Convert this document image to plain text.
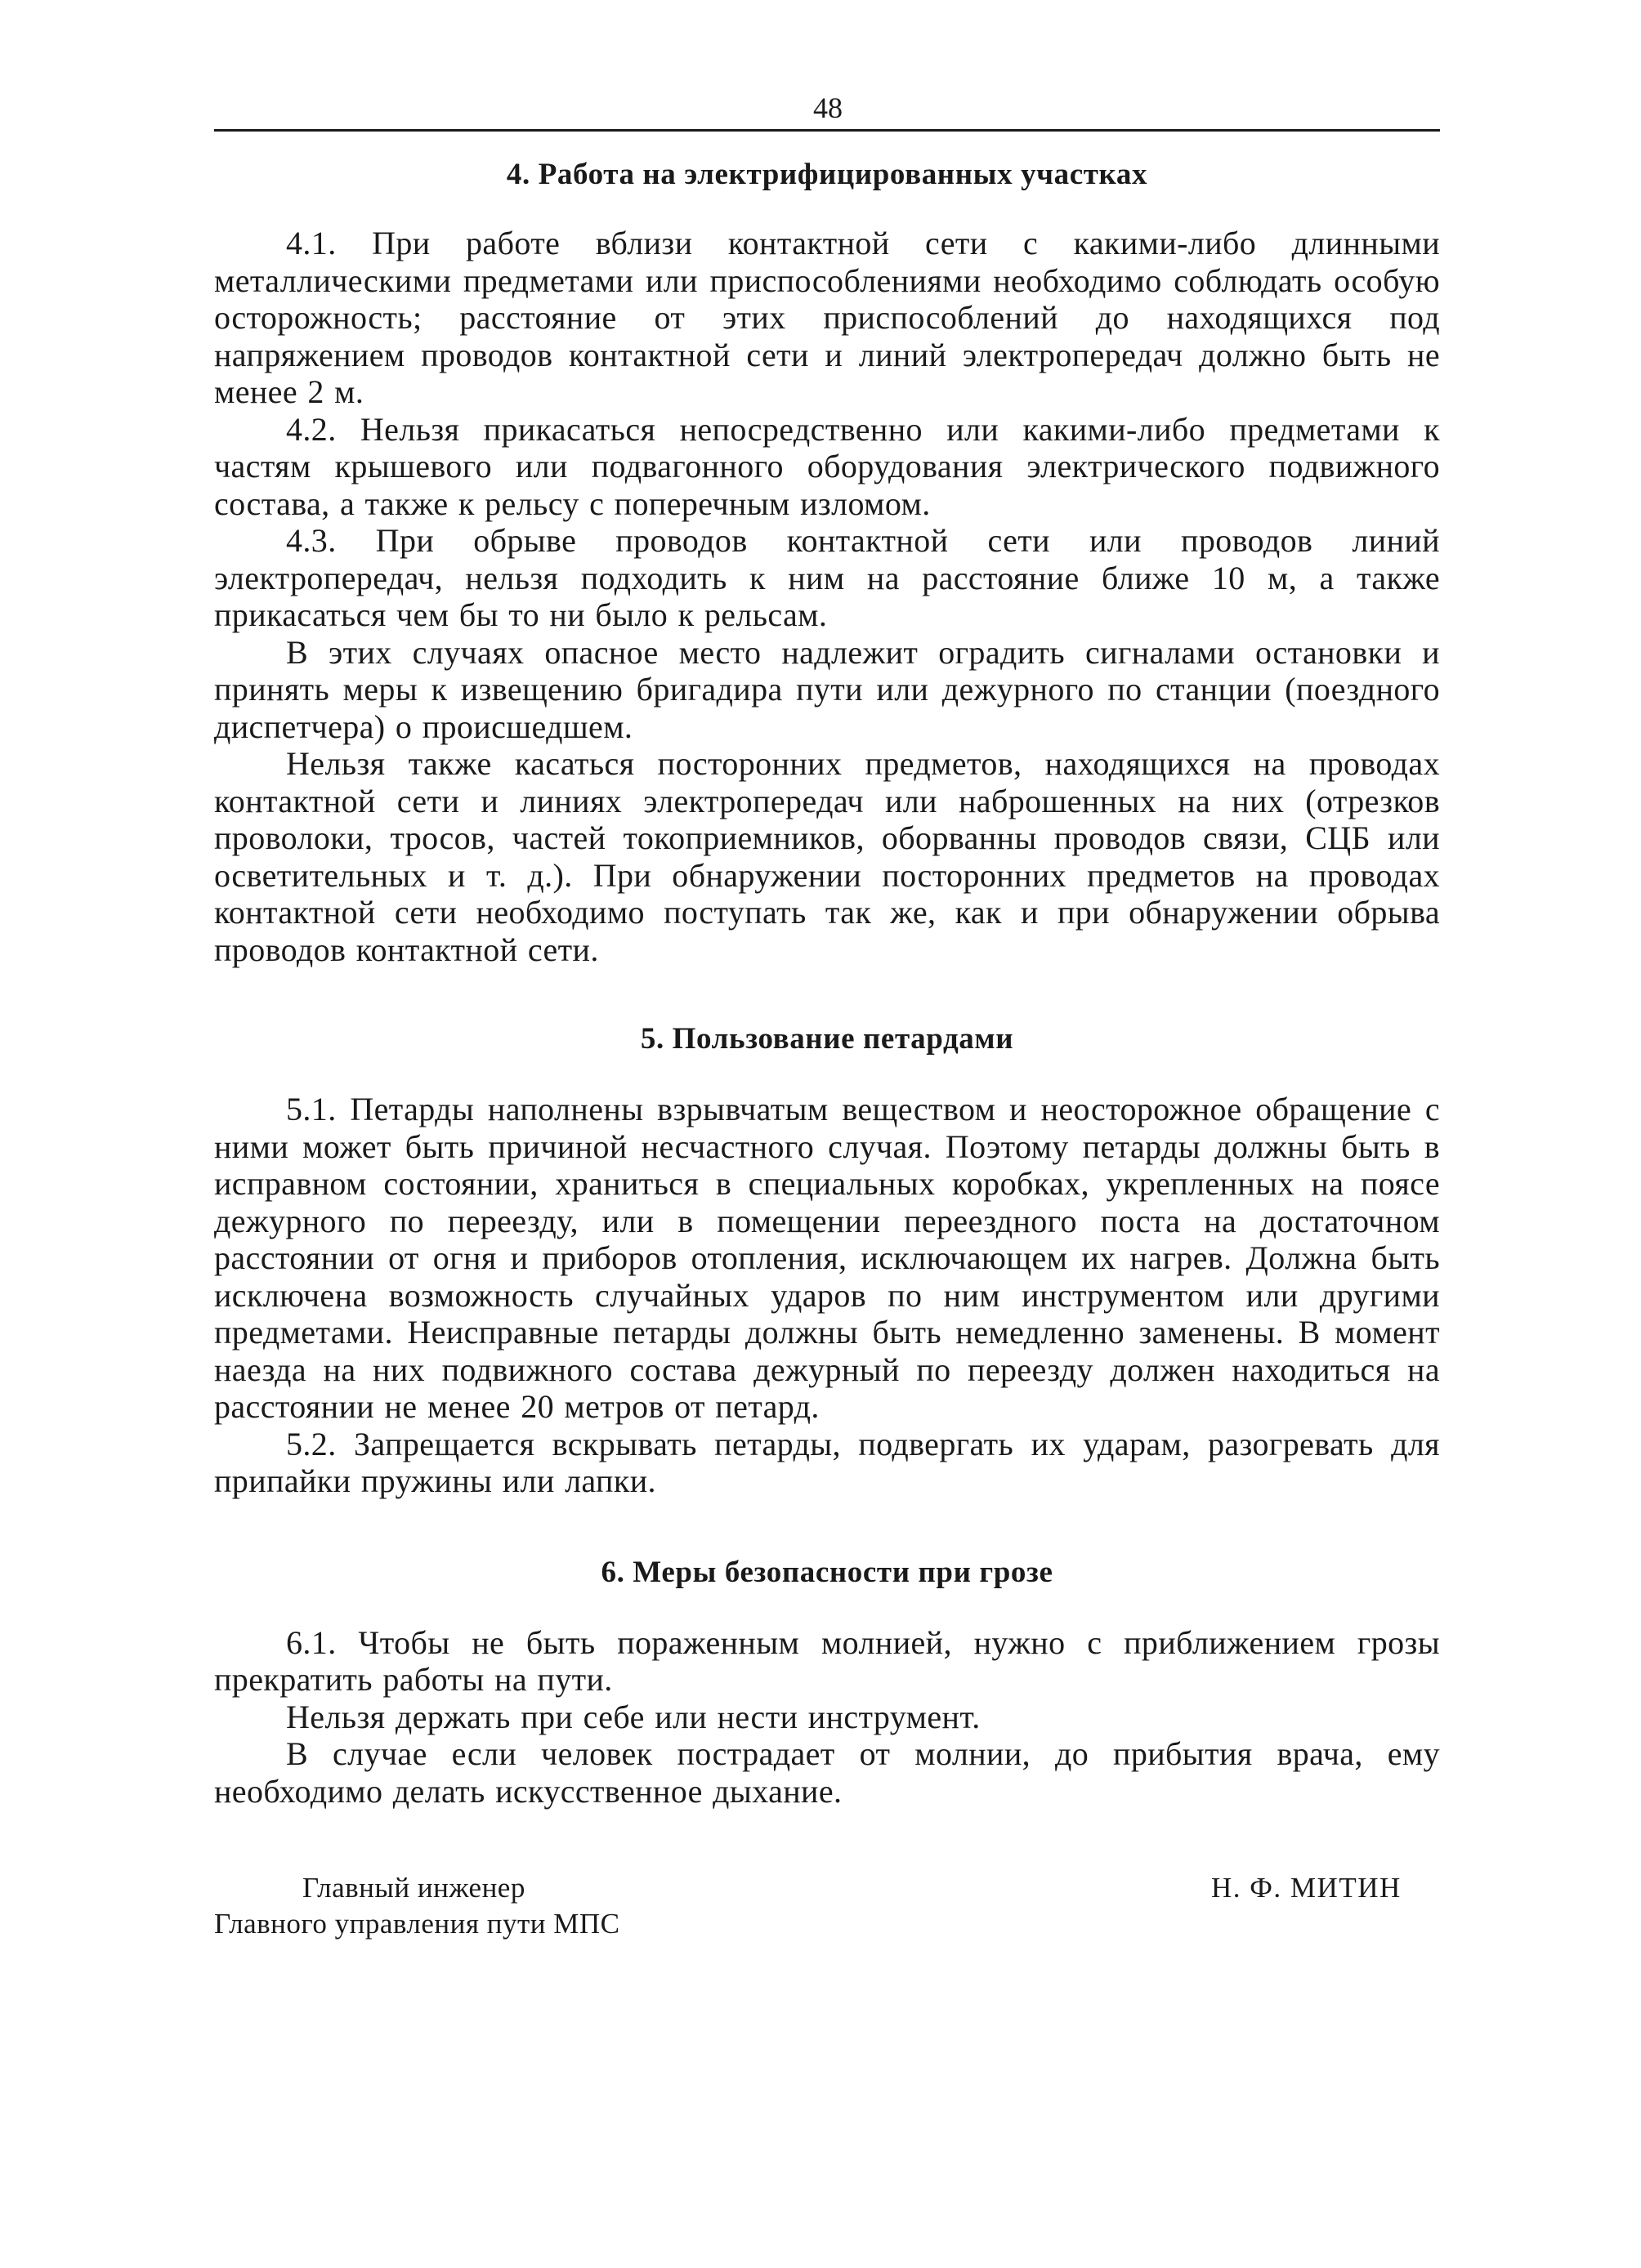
48
4. Работа на электрифицированных участках

4.1. При работе вблизи контактной сети с какими-либо длинными металлическими предметами или приспособлениями необходимо соблюдать особую осторожность; расстояние от этих приспособлений до находящихся под напряжением проводов контактной сети и линий электропередач должно быть не менее 2 м.

4.2. Нельзя прикасаться непосредственно или какими-либо предметами к частям крышевого или подвагонного оборудования электрического подвижного состава, а также к рельсу с поперечным изломом.

4.3. При обрыве проводов контактной сети или проводов линий электропередач, нельзя подходить к ним на расстояние ближе 10 м, а также прикасаться чем бы то ни было к рельсам.

В этих случаях опасное место надлежит оградить сигналами остановки и принять меры к извещению бригадира пути или дежурного по станции (поездного диспетчера) о происшедшем.

Нельзя также касаться посторонних предметов, находящихся на проводах контактной сети и линиях электропередач или наброшенных на них (отрезков проволоки, тросов, частей токоприемников, оборванны проводов связи, СЦБ или осветительных и т. д.). При обнаружении посторонних предметов на проводах контактной сети необходимо поступать так же, как и при обнаружении обрыва проводов контактной сети.

5. Пользование петардами

5.1. Петарды наполнены взрывчатым веществом и неосторожное обращение с ними может быть причиной несчастного случая. Поэтому петарды должны быть в исправном состоянии, храниться в специальных коробках, укрепленных на поясе дежурного по переезду, или в помещении переездного поста на достаточном расстоянии от огня и приборов отопления, исключающем их нагрев. Должна быть исключена возможность случайных ударов по ним инструментом или другими предметами. Неисправные петарды должны быть немедленно заменены. В момент наезда на них подвижного состава дежурный по переезду должен находиться на расстоянии не менее 20 метров от петард.

5.2. Запрещается вскрывать петарды, подвергать их ударам, разогревать для припайки пружины или лапки.

6. Меры безопасности при грозе

6.1. Чтобы не быть пораженным молнией, нужно с приближением грозы прекратить работы на пути.

Нельзя держать при себе или нести инструмент.

В случае если человек пострадает от молнии, до прибытия врача, ему необходимо делать искусственное дыхание.

Главный инженер
Главного управления пути МПС
Н. Ф. МИТИН
